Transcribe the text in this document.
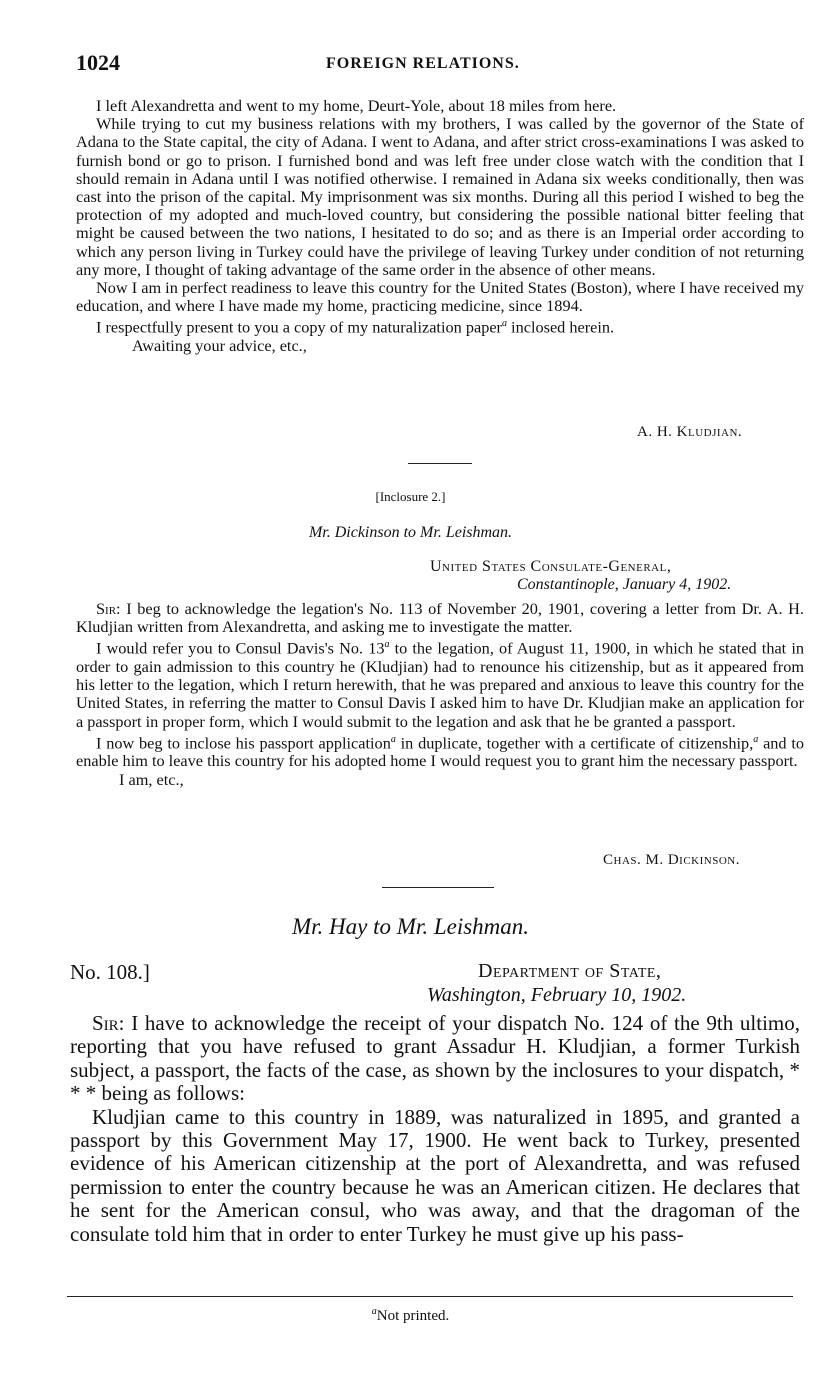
1024	FOREIGN RELATIONS.

I left Alexandretta and went to my home, Deurt-Yole, about 18 miles from here.

While trying to cut my business relations with my brothers, I was called by the governor of the State of Adana to the State capital, the city of Adana. I went to Adana, and after strict cross-examinations I was asked to furnish bond or go to prison. I furnished bond and was left free under close watch with the condition that I should remain in Adana until I was notified otherwise. I remained in Adana six weeks conditionally, then was cast into the prison of the capital. My imprisonment was six months. During all this period I wished to beg the protection of my adopted and much-loved country, but considering the possible national bitter feeling that might be caused between the two nations, I hesitated to do so; and as there is an Imperial order according to which any person living in Turkey could have the privilege of leaving Turkey under condition of not returning any more, I thought of taking advantage of the same order in the absence of other means.

Now I am in perfect readiness to leave this country for the United States (Boston), where I have received my education, and where I have made my home, practicing medicine, since 1894.

I respectfully present to you a copy of my naturalization paper$^a$ inclosed herein.

Awaiting your advice, etc.,

A. H. Kludjian.
[Inclosure 2.]
Mr. Dickinson to Mr. Leishman.
United States Consulate-General,
Constantinople, January 4, 1902.

Sir: I beg to acknowledge the legation's No. 113 of November 20, 1901, covering a letter from Dr. A. H. Kludjian written from Alexandretta, and asking me to investigate the matter.

I would refer you to Consul Davis's No. 13$^a$ to the legation, of August 11, 1900, in which he stated that in order to gain admission to this country he (Kludjian) had to renounce his citizenship, but as it appeared from his letter to the legation, which I return herewith, that he was prepared and anxious to leave this country for the United States, in referring the matter to Consul Davis I asked him to have Dr. Kludjian make an application for a passport in proper form, which I would submit to the legation and ask that he be granted a passport.

I now beg to inclose his passport application$^a$ in duplicate, together with a certificate of citizenship,$^a$ and to enable him to leave this country for his adopted home I would request you to grant him the necessary passport.

I am, etc.,

Chas. M. Dickinson.
Mr. Hay to Mr. Leishman.
No. 108.]	Department of State,
Washington, February 10, 1902.

Sir: I have to acknowledge the receipt of your dispatch No. 124 of the 9th ultimo, reporting that you have refused to grant Assadur H. Kludjian, a former Turkish subject, a passport, the facts of the case, as shown by the inclosures to your dispatch, * * * being as follows:

Kludjian came to this country in 1889, was naturalized in 1895, and granted a passport by this Government May 17, 1900. He went back to Turkey, presented evidence of his American citizenship at the port of Alexandretta, and was refused permission to enter the country because he was an American citizen. He declares that he sent for the American consul, who was away, and that the dragoman of the consulate told him that in order to enter Turkey he must give up his pass-

$^a$Not printed.
